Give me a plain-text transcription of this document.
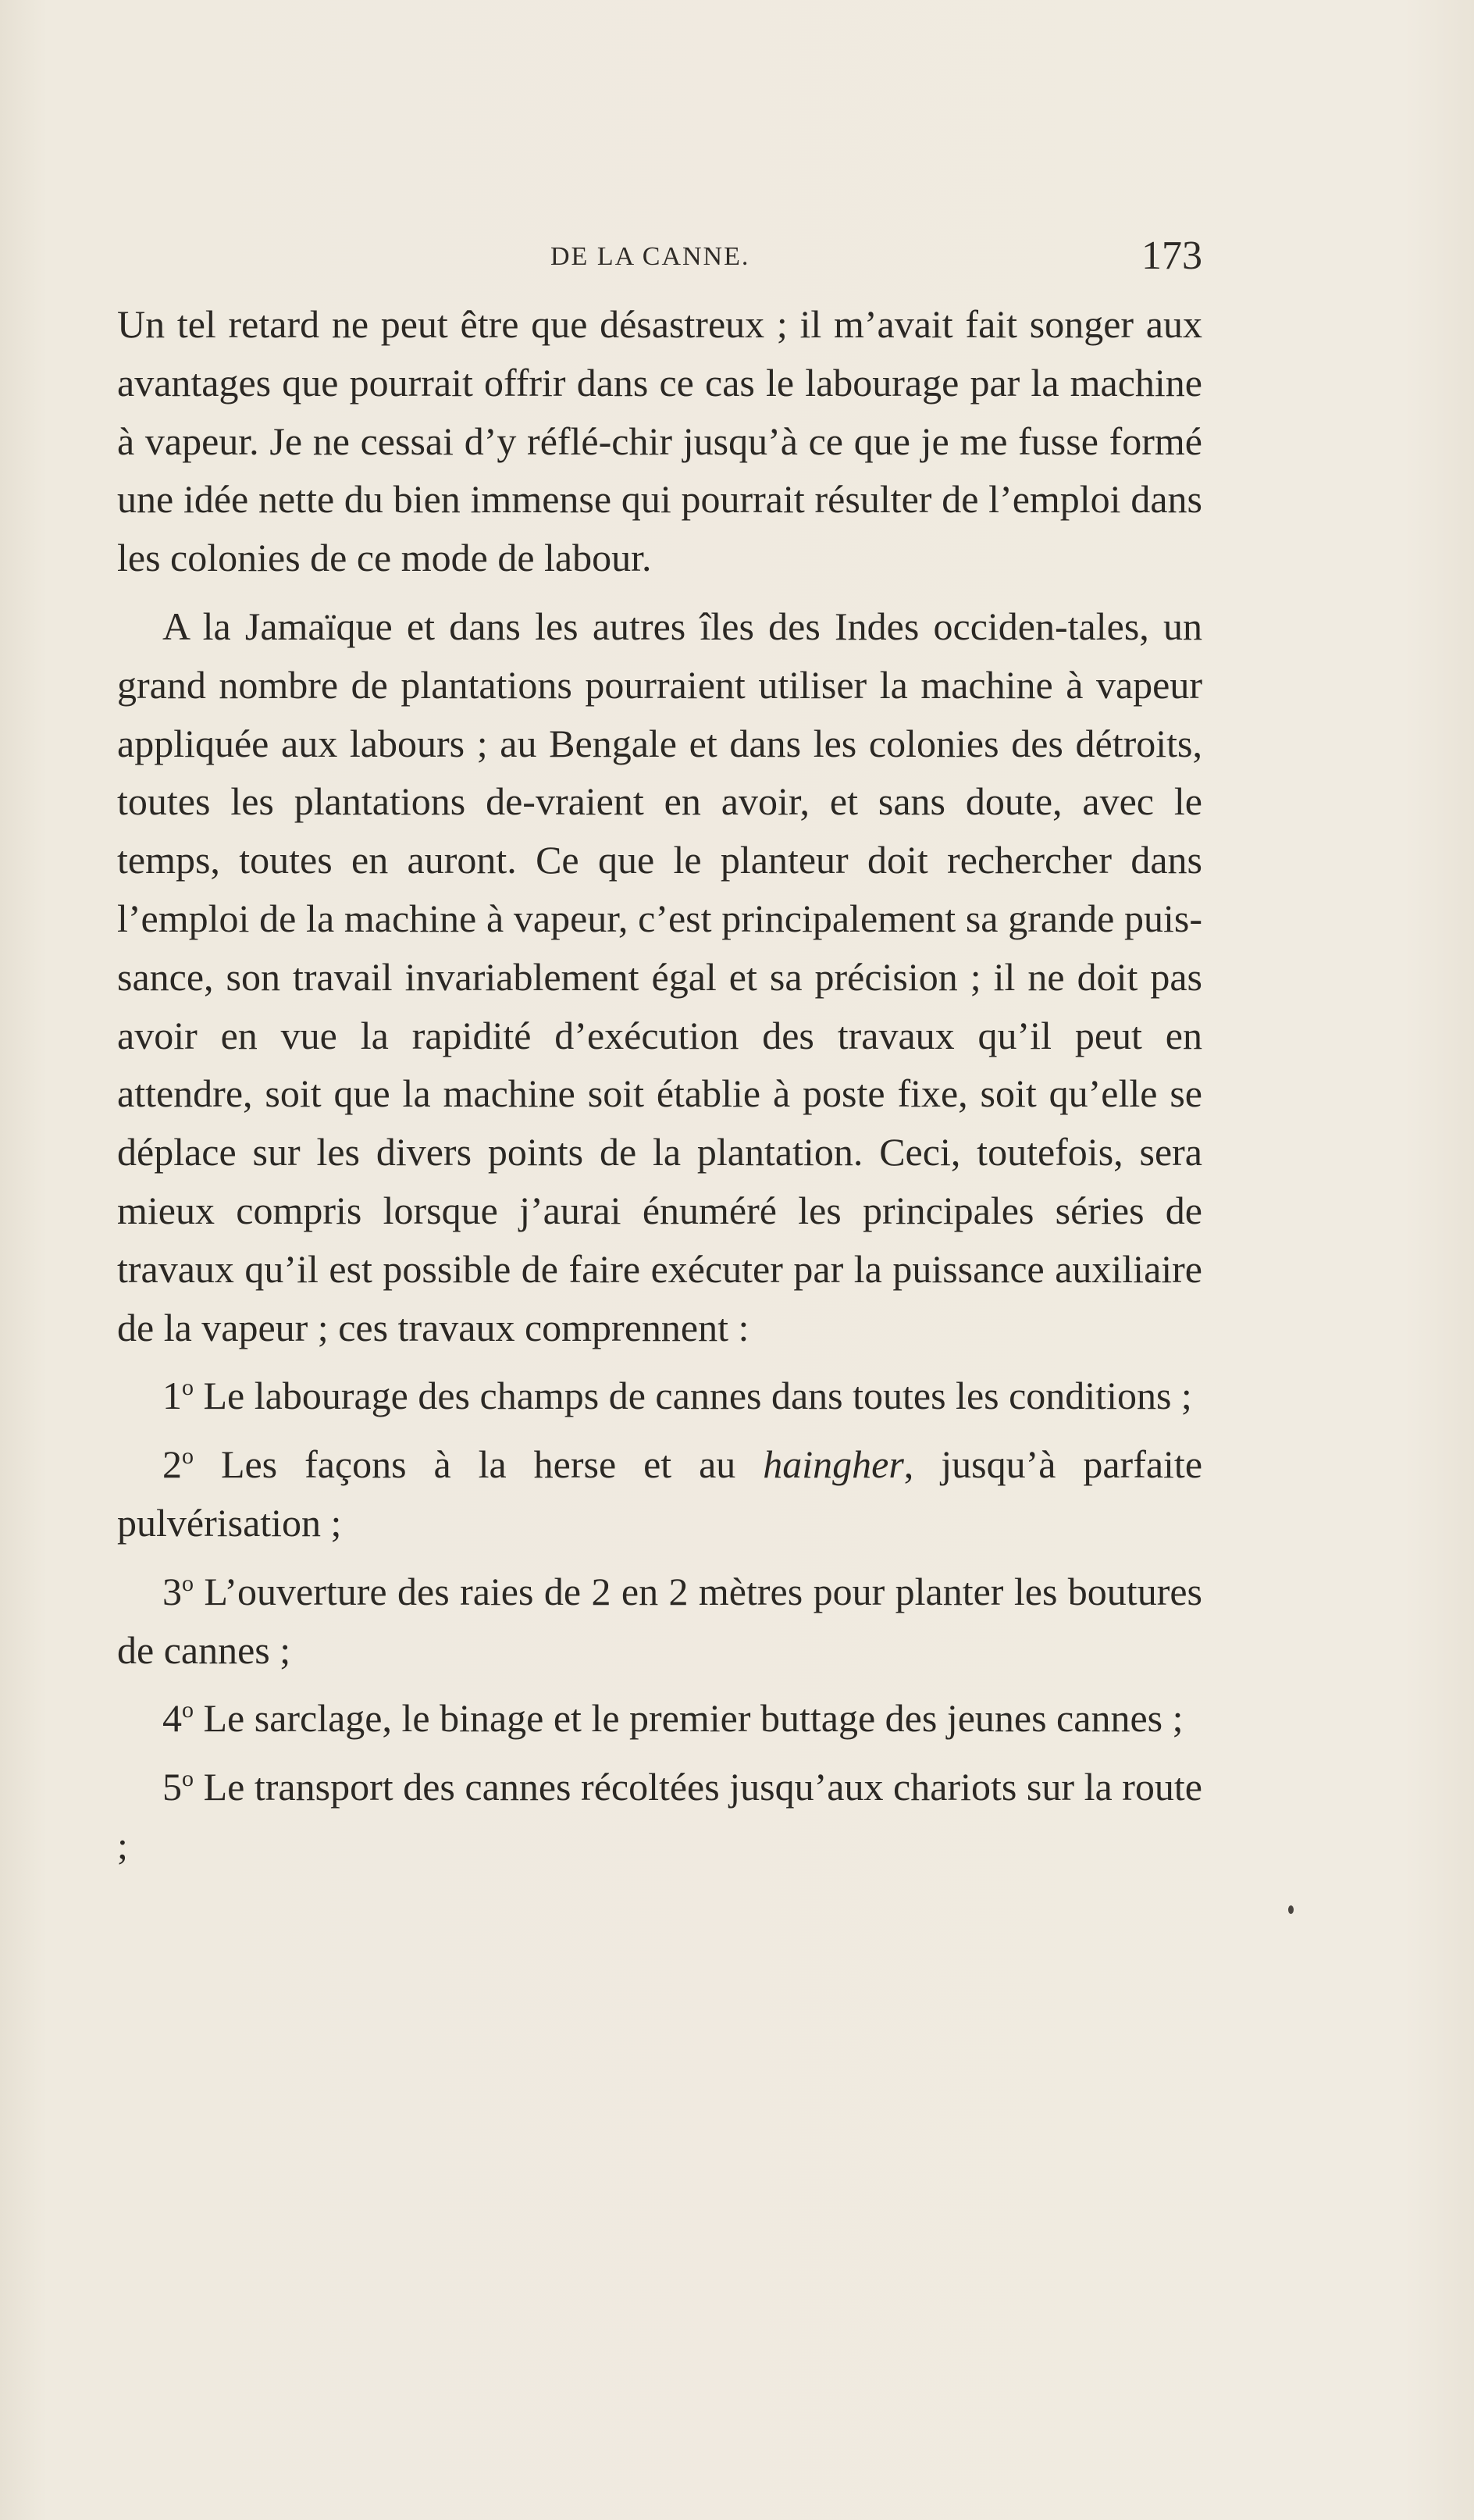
DE LA CANNE.	173

Un tel retard ne peut être que désastreux ; il m’avait fait songer aux avantages que pourrait offrir dans ce cas le labourage par la machine à vapeur. Je ne cessai d’y réflé-chir jusqu’à ce que je me fusse formé une idée nette du bien immense qui pourrait résulter de l’emploi dans les colonies de ce mode de labour.

A la Jamaïque et dans les autres îles des Indes occiden-tales, un grand nombre de plantations pourraient utiliser la machine à vapeur appliquée aux labours ; au Bengale et dans les colonies des détroits, toutes les plantations de-vraient en avoir, et sans doute, avec le temps, toutes en auront. Ce que le planteur doit rechercher dans l’emploi de la machine à vapeur, c’est principalement sa grande puis-sance, son travail invariablement égal et sa précision ; il ne doit pas avoir en vue la rapidité d’exécution des travaux qu’il peut en attendre, soit que la machine soit établie à poste fixe, soit qu’elle se déplace sur les divers points de la plantation. Ceci, toutefois, sera mieux compris lorsque j’aurai énuméré les principales séries de travaux qu’il est possible de faire exécuter par la puissance auxiliaire de la vapeur ; ces travaux comprennent :

1$^o$ Le labourage des champs de cannes dans toutes les conditions ;

2$^o$ Les façons à la herse et au haingher, jusqu’à parfaite pulvérisation ;

3$^o$ L’ouverture des raies de 2 en 2 mètres pour planter les boutures de cannes ;

4$^o$ Le sarclage, le binage et le premier buttage des jeunes cannes ;

5$^o$ Le transport des cannes récoltées jusqu’aux chariots sur la route ;
